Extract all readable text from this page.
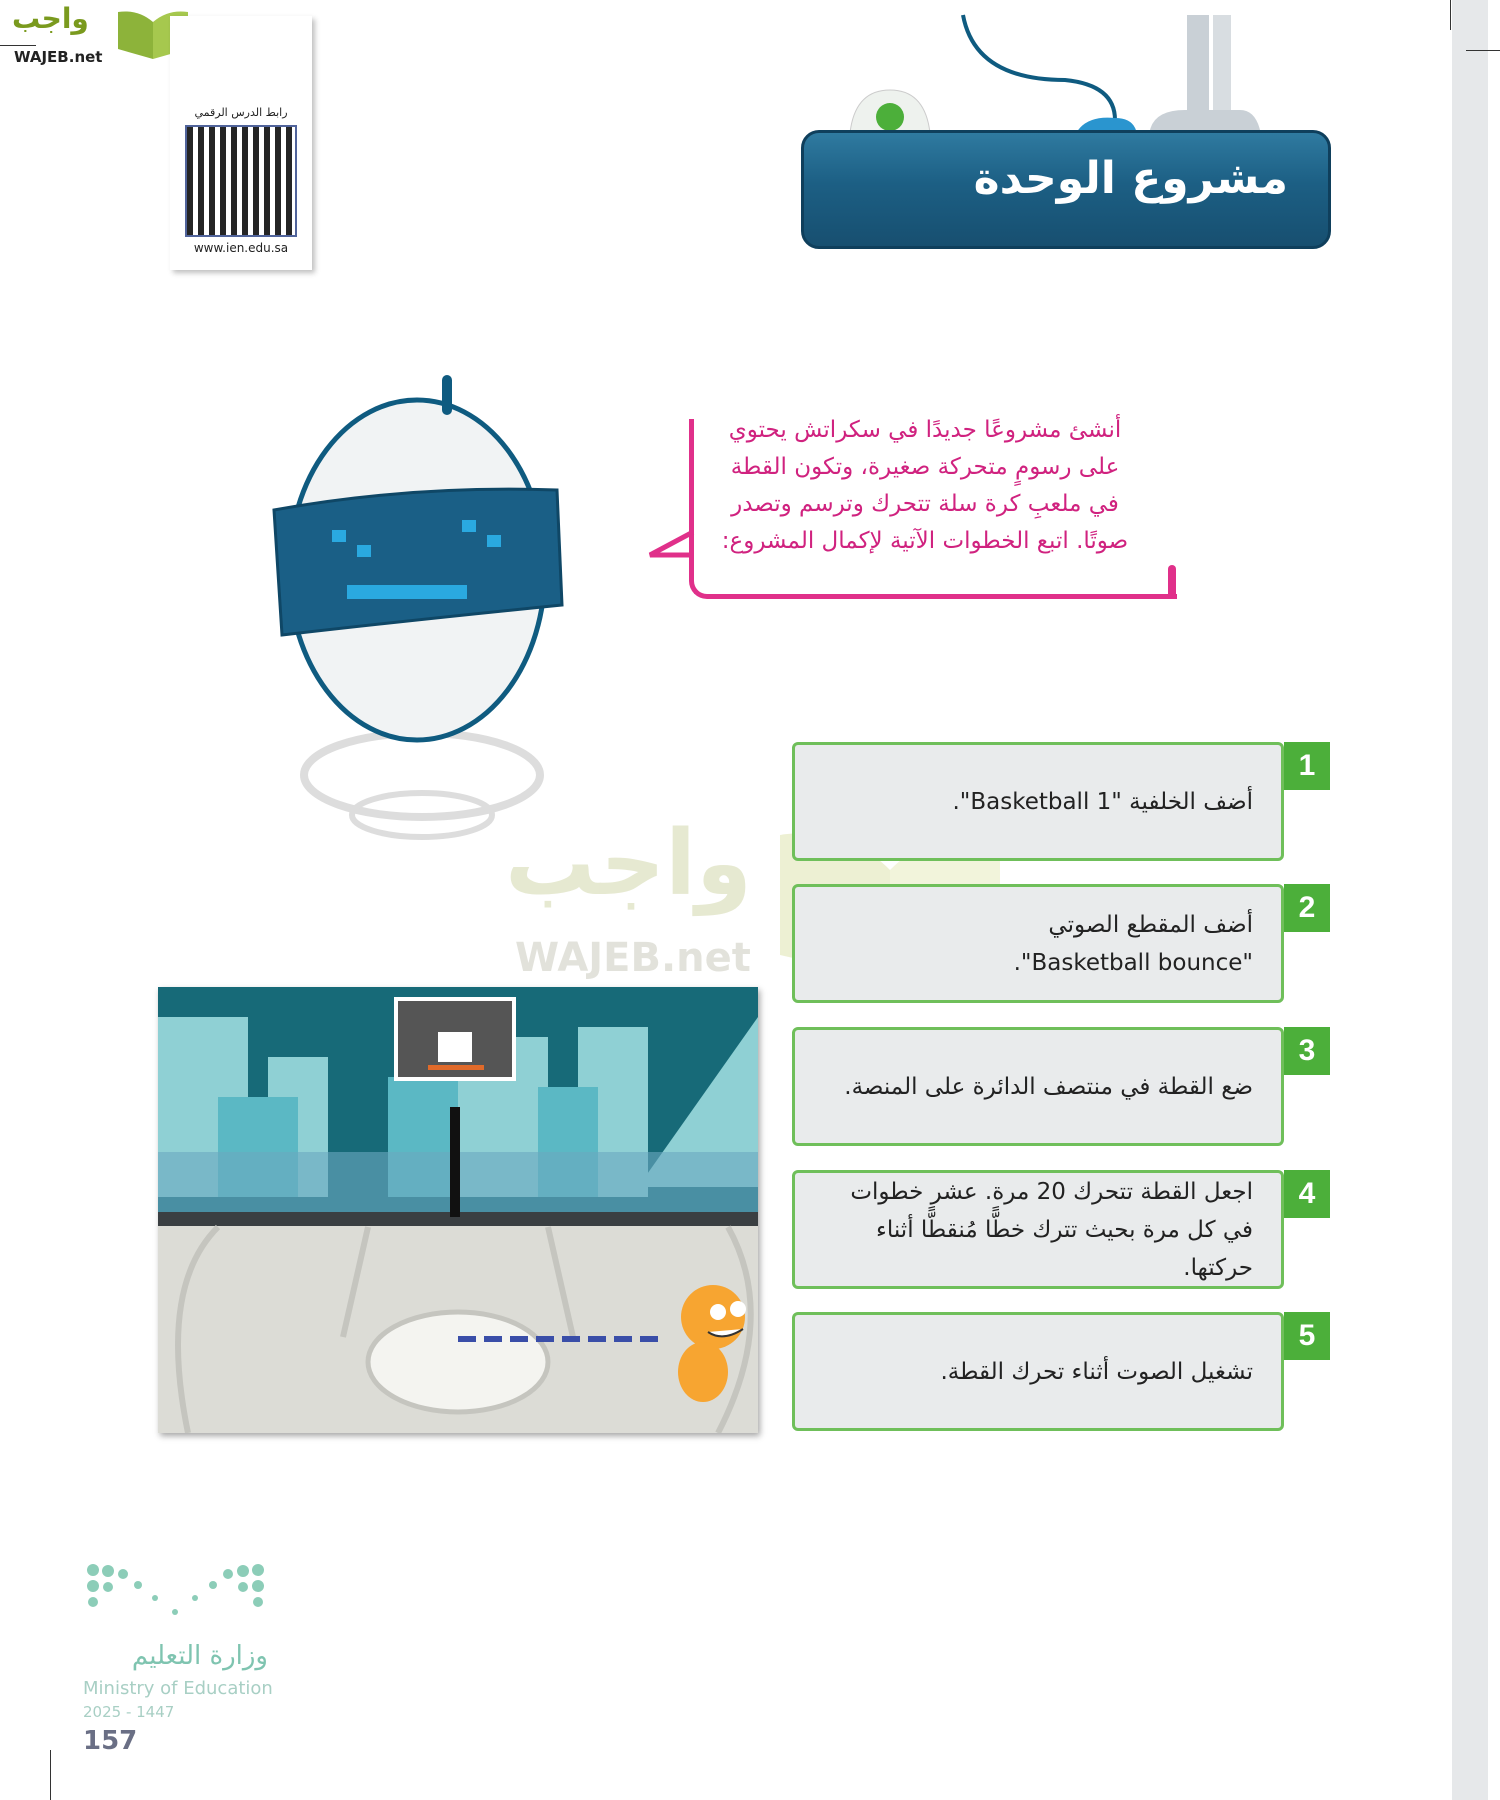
واجب
WAJEB.net
رابط الدرس الرقمي
www.ien.edu.sa
مشروع الوحدة
أنشئ مشروعًا جديدًا في سكراتش يحتوي
على رسومٍ متحركة صغيرة، وتكون القطة
في ملعبِ كرة سلة تتحرك وترسم وتصدر
صوتًا. اتبع الخطوات الآتية لإكمال المشروع:
واجب
WAJEB.net
أضف الخلفية "Basketball 1".
1
أضف المقطع الصوتي "Basketball bounce".
2
ضع القطة في منتصف الدائرة على المنصة.
3
اجعل القطة تتحرك 20 مرة. عشر خطوات في كل مرة بحيث تترك خطًّا مُنقطًّا أثناء حركتها.
4
تشغيل الصوت أثناء تحرك القطة.
5
وزارة التعليم
Ministry of Education
2025 - 1447
157
